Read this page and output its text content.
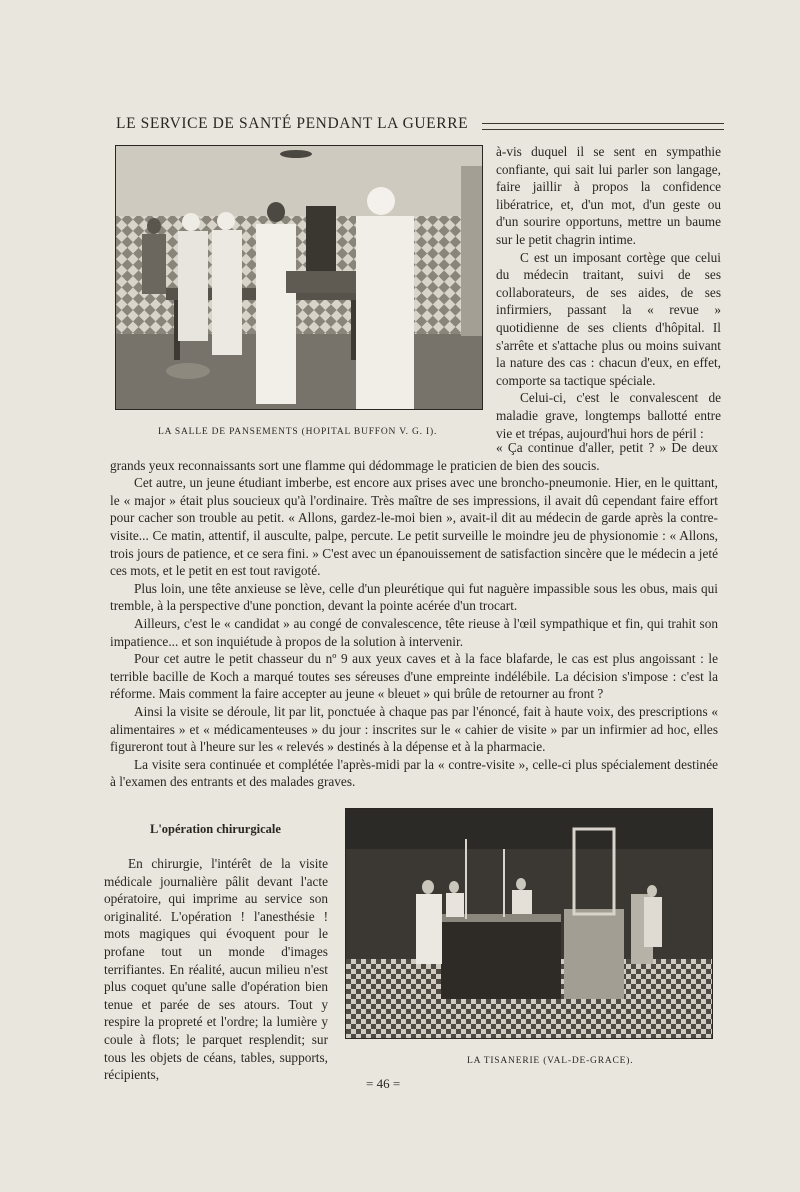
LE SERVICE DE SANTÉ PENDANT LA GUERRE
LA SALLE DE PANSEMENTS (HOPITAL BUFFON V. G. I).

à-vis duquel il se sent en sympathie confiante, qui sait lui parler son langage, faire jaillir à propos la confidence libératrice, et, d'un mot, d'un geste ou d'un sourire opportuns, mettre un baume sur le petit chagrin intime.

C est un imposant cortège que celui du médecin traitant, suivi de ses collaborateurs, de ses aides, de ses infirmiers, passant la « revue » quotidienne de ses clients d'hôpital. Il s'arrête et s'attache plus ou moins suivant la nature des cas : chacun d'eux, en effet, comporte sa tactique spéciale.

Celui-ci, c'est le convalescent de maladie grave, longtemps ballotté entre vie et trépas, aujourd'hui hors de péril :

« Ça continue d'aller, petit ? » De deux grands yeux reconnaissants sort une flamme qui dédommage le praticien de bien des soucis.

Cet autre, un jeune étudiant imberbe, est encore aux prises avec une broncho-pneumonie. Hier, en le quittant, le « major » était plus soucieux qu'à l'ordinaire. Très maître de ses impressions, il avait dû cependant faire effort pour cacher son trouble au petit. « Allons, gardez-le-moi bien », avait-il dit au médecin de garde après la contre-visite... Ce matin, attentif, il ausculte, palpe, percute. Le petit surveille le moindre jeu de physionomie : « Allons, trois jours de patience, et ce sera fini. » C'est avec un épanouissement de satisfaction sincère que le médecin a jeté ces mots, et le petit en est tout ravigoté.

Plus loin, une tête anxieuse se lève, celle d'un pleurétique qui fut naguère impassible sous les obus, mais qui tremble, à la perspective d'une ponction, devant la pointe acérée d'un trocart.

Ailleurs, c'est le « candidat » au congé de convalescence, tête rieuse à l'œil sympathique et fin, qui trahit son impatience... et son inquiétude à propos de la solution à intervenir.

Pour cet autre le petit chasseur du nº 9 aux yeux caves et à la face blafarde, le cas est plus angoissant : le terrible bacille de Koch a marqué toutes ses séreuses d'une empreinte indélébile. La décision s'impose : c'est la réforme. Mais comment la faire accepter au jeune « bleuet » qui brûle de retourner au front ?

Ainsi la visite se déroule, lit par lit, ponctuée à chaque pas par l'énoncé, fait à haute voix, des prescriptions « alimentaires » et « médicamenteuses » du jour : inscrites sur le « cahier de visite » par un infirmier ad hoc, elles figureront tout à l'heure sur les « relevés » destinés à la dépense et à la pharmacie.

La visite sera continuée et complétée l'après-midi par la « contre-visite », celle-ci plus spécialement destinée à l'examen des entrants et des malades graves.

L'opération chirurgicale

En chirurgie, l'intérêt de la visite médicale journalière pâlit devant l'acte opératoire, qui imprime au service son originalité. L'opération ! l'anesthésie ! mots magiques qui évoquent pour le profane tout un monde d'images terrifiantes. En réalité, aucun milieu n'est plus coquet qu'une salle d'opération bien tenue et parée de ses atours. Tout y respire la propreté et l'ordre; la lumière y coule à flots; le parquet resplendit; sur tous les objets de céans, tables, supports, récipients,

LA TISANERIE (VAL-DE-GRACE).
= 46 =
